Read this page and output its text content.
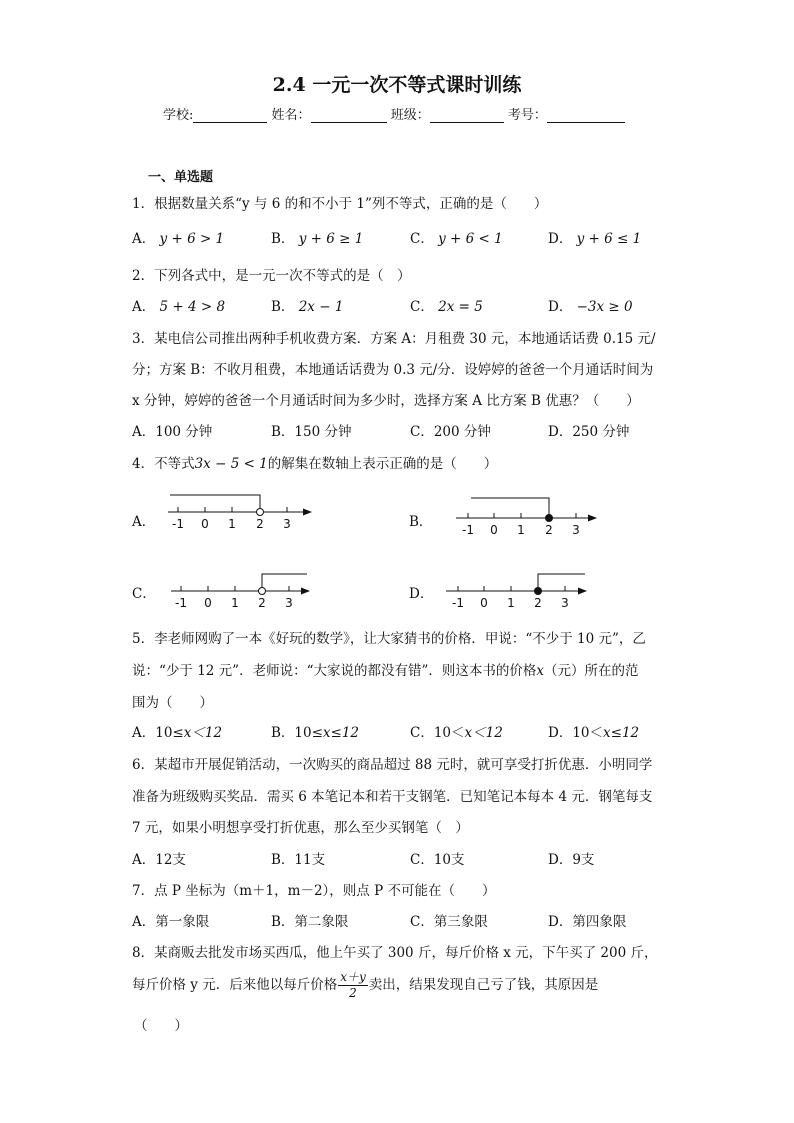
2.4 一元一次不等式课时训练
学校:	姓名：	班级：	考号：
一、单选题
1．根据数量关系“y 与 6 的和不小于 1”列不等式，正确的是（　　）
A． y + 6 > 1	B． y + 6 ≥ 1	C． y + 6 < 1	D． y + 6 ≤ 1
2．下列各式中，是一元一次不等式的是（　）
A． 5 + 4 > 8	B． 2x − 1	C． 2x = 5	D． −3x ≥ 0
3．某电信公司推出两种手机收费方案．方案 A：月租费 30 元，本地通话话费 0.15 元/
分；方案 B：不收月租费，本地通话话费为 0.3 元/分．设婷婷的爸爸一个月通话时间为
x 分钟，婷婷的爸爸一个月通话时间为多少时，选择方案 A 比方案 B 优惠？（　　）
A．100 分钟	B．150 分钟	C．200 分钟	D．250 分钟
4．不等式3x − 5 < 1的解集在数轴上表示正确的是（　　）
A．	B．
C．	D．
-1 0 1 2 3	-1 0 1 2 3
-1 0 1 2 3	-1 0 1 2 3
5．李老师网购了一本《好玩的数学》，让大家猜书的价格．甲说：“不少于 10 元”，乙
说：“少于 12 元”．老师说：“大家说的都没有错”．则这本书的价格x（元）所在的范
围为（　　）
A．10≤x＜12	B．10≤x≤12	C．10＜x＜12	D．10＜x≤12
6．某超市开展促销活动，一次购买的商品超过 88 元时，就可享受打折优惠．小明同学
准备为班级购买奖品．需买 6 本笔记本和若干支钢笔．已知笔记本每本 4 元．钢笔每支
7 元，如果小明想享受打折优惠，那么至少买钢笔（　）
A．12支	B．11支	C．10支	D．9支
7．点 P 坐标为（m＋1，m－2），则点 P 不可能在（　　）
A．第一象限	B．第二象限	C．第三象限	D．第四象限
8．某商贩去批发市场买西瓜，他上午买了 300 斤，每斤价格 x 元，下午买了 200 斤，
每斤价格 y 元．后来他以每斤价格 $\frac{x+y}{2}$ 卖出，结果发现自己亏了钱，其原因是
（　　）
